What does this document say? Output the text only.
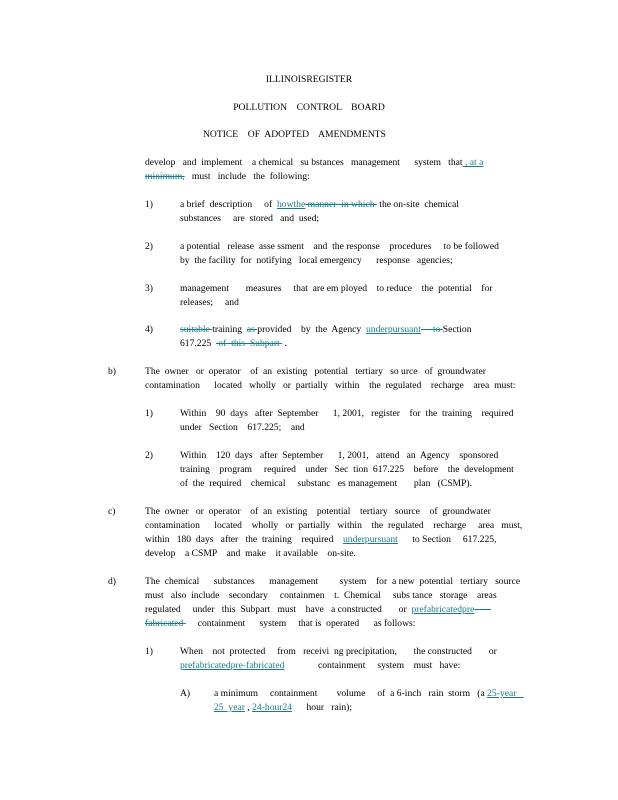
ILLINOISREGISTER
POLLUTION    CONTROL    BOARD
NOTICE    OF  ADOPTED    AMENDMENTS
develop   and  implement    a chemical   su bstances   management      system   that , at a
minimum,   must   include   the  following:
1)	a brief  description     of  howthe manner  in which  the on-site  chemical
substances     are  stored   and  used;
2)	a potential   release  asse ssment    and  the response    procedures     to be followed
by  the facility  for  notifying   local emergency      response   agencies;
3)	management       measures     that  are em ployed    to reduce    the  potential    for
releases;     and
4)	suitable training  as provided    by  the  Agency  underpursuant     to Section
617.225   of  this  Subpart  .
b)	The  owner   or  operator    of  an  existing   potential   tertiary   so urce   of  groundwater
contamination      located   wholly   or  partially   within    the  regulated    recharge    area  must:
1)	Within    90  days   after  September      1, 2001,   register    for  the  training    required
under   Section    617.225;    and
2)	Within    120  days   after  September      1, 2001,   attend   an  Agency    sponsored
training    program     required    under   Sec  tion  617.225    before    the  development
of  the  required    chemical     substanc   es management       plan   (CSMP).
c)	The  owner   or  operator    of  an  existing    potential    tertiary   source    of  groundwater
contamination      located    wholly   or  partially   within    the  regulated    recharge     area   must,
within   180  days   after   the  training    required    underpursuant      to Section     617.225,
develop    a CSMP    and  make    it available    on-site.
d)	The  chemical      substances      management         system    for  a new  potential   tertiary   source
must   also  include    secondary     containmen    t.  Chemical     subs tance   storage    areas
regulated     under   this  Subpart   must    have   a constructed       or  prefabricatedpre
fabricated      containment      system     that is  operated      as follows:
1)	When    not  protected     from   receivi  ng precipitation,       the constructed       or
prefabricatedpre-fabricated              containment     system    must   have:
A) a minimum     containment        volume     of  a 6-inch   rain  storm   (a 25-year
25  year , 24-hour24      hour   rain);
